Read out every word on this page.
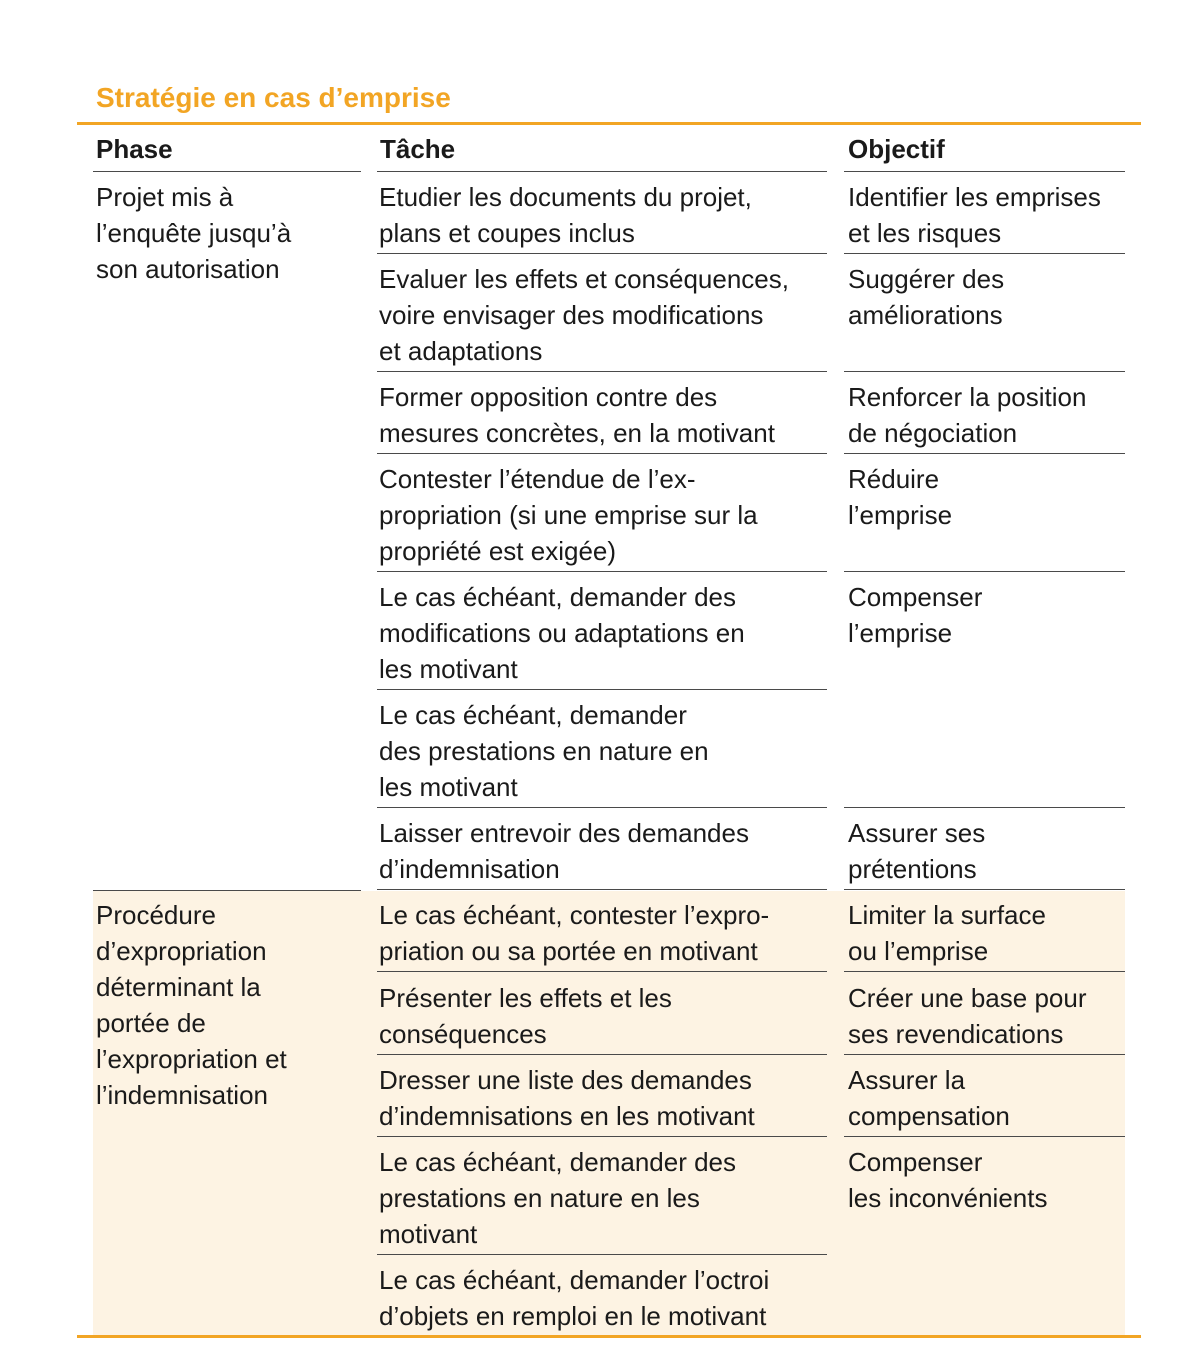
Stratégie en cas d’emprise
Phase	Tâche	Objectif
Projet mis à
l’enquête jusqu’à
son autorisation
Procédure
d’expropriation
déterminant la
portée de
l’expropriation et
l’indemnisation
Etudier les documents du projet,
plans et coupes inclus
Evaluer les effets et conséquences,
voire envisager des modifications
et adaptations
Former opposition contre des
mesures concrètes, en la motivant
Contester l’étendue de l’ex-
propriation (si une emprise sur la
propriété est exigée)
Le cas échéant, demander des
modifications ou adaptations en
les motivant
Le cas échéant, demander
des prestations en nature en
les motivant
Laisser entrevoir des demandes
d’indemnisation
Le cas échéant, contester l’expro-
priation ou sa portée en motivant
Présenter les effets et les
conséquences
Dresser une liste des demandes
d’indemnisations en les motivant
Le cas échéant, demander des
prestations en nature en les
motivant
Le cas échéant, demander l’octroi
d’objets en remploi en le motivant
Identifier les emprises
et les risques
Suggérer des
améliorations
Renforcer la position
de négociation
Réduire
l’emprise
Compenser
l’emprise
Assurer ses
prétentions
Limiter la surface
ou l’emprise
Créer une base pour
ses revendications
Assurer la
compensation
Compenser
les inconvénients
